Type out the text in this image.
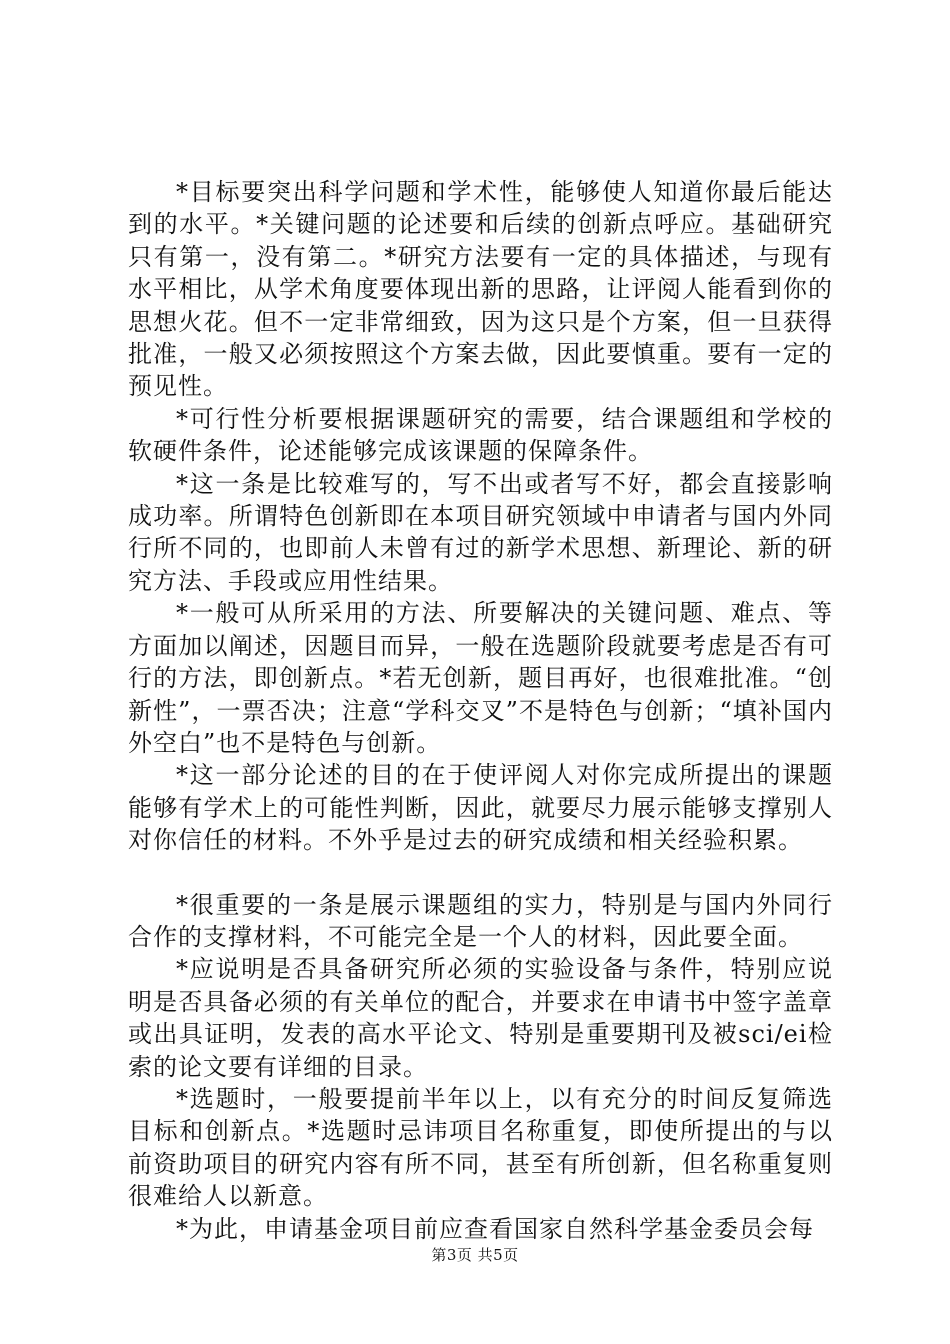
*目标要突出科学问题和学术性，能够使人知道你最后能达到的水平。*关键问题的论述要和后续的创新点呼应。基础研究只有第一，没有第二。*研究方法要有一定的具体描述，与现有水平相比，从学术角度要体现出新的思路，让评阅人能看到你的思想火花。但不一定非常细致，因为这只是个方案，但一旦获得批准，一般又必须按照这个方案去做，因此要慎重。要有一定的预见性。

*可行性分析要根据课题研究的需要，结合课题组和学校的软硬件条件，论述能够完成该课题的保障条件。

*这一条是比较难写的，写不出或者写不好，都会直接影响成功率。所谓特色创新即在本项目研究领域中申请者与国内外同行所不同的，也即前人未曾有过的新学术思想、新理论、新的研究方法、手段或应用性结果。

*一般可从所采用的方法、所要解决的关键问题、难点、等方面加以阐述，因题目而异，一般在选题阶段就要考虑是否有可行的方法，即创新点。*若无创新，题目再好，也很难批准。“创新性”，一票否决；注意“学科交叉”不是特色与创新；“填补国内外空白”也不是特色与创新。

*这一部分论述的目的在于使评阅人对你完成所提出的课题能够有学术上的可能性判断，因此，就要尽力展示能够支撑别人对你信任的材料。不外乎是过去的研究成绩和相关经验积累。

*很重要的一条是展示课题组的实力，特别是与国内外同行合作的支撑材料，不可能完全是一个人的材料，因此要全面。

*应说明是否具备研究所必须的实验设备与条件，特别应说明是否具备必须的有关单位的配合，并要求在申请书中签字盖章或出具证明，发表的高水平论文、特别是重要期刊及被sci/ei检索的论文要有详细的目录。

*选题时，一般要提前半年以上，以有充分的时间反复筛选目标和创新点。*选题时忌讳项目名称重复，即使所提出的与以前资助项目的研究内容有所不同，甚至有所创新，但名称重复则很难给人以新意。

*为此，申请基金项目前应查看国家自然科学基金委员会每

第3页 共5页
